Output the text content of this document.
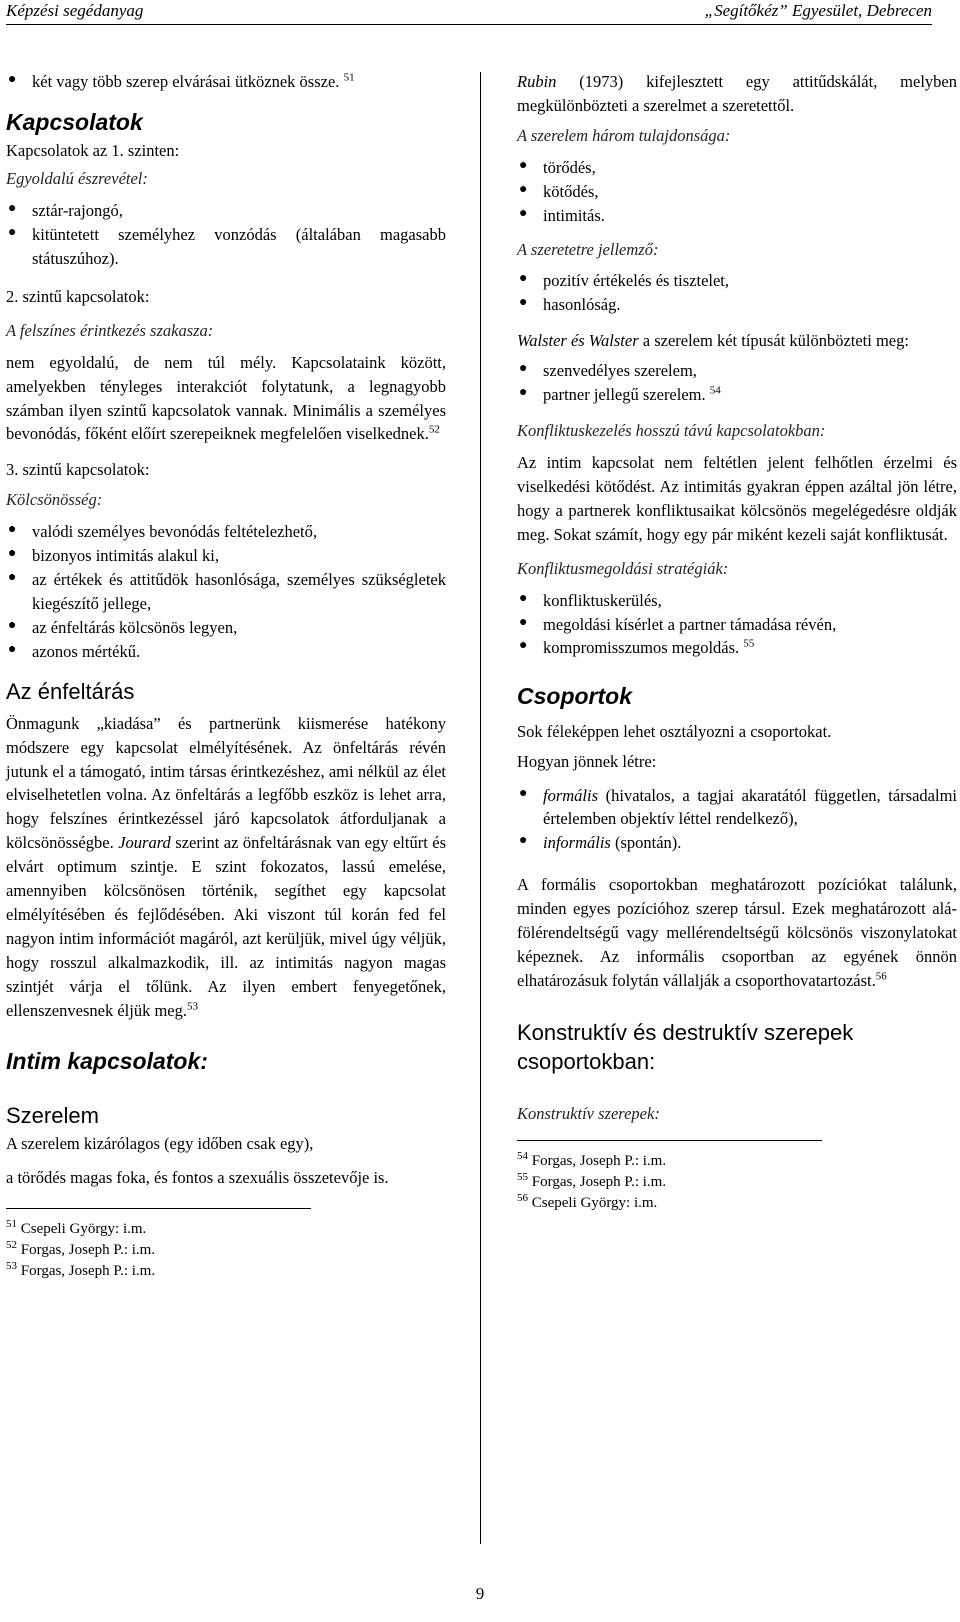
Képzési segédanyag	„Segítőkéz” Egyesület, Debrecen
● két vagy több szerep elvárásai ütköznek össze. $^{51}$
Kapcsolatok

Kapcsolatok az 1. szinten:

Egyoldalú észrevétel:

● sztár-rajongó,
● kitüntetett személyhez vonzódás (általában magasabb státuszúhoz).

2. szintű kapcsolatok:

A felszínes érintkezés szakasza:

nem egyoldalú, de nem túl mély. Kapcsolataink között, amelyekben tényleges interakciót folytatunk, a legnagyobb számban ilyen szintű kapcsolatok vannak. Minimális a személyes bevonódás, főként előírt szerepeiknek megfelelően viselkednek.$^{52}$

3. szintű kapcsolatok:

Kölcsönösség:

● valódi személyes bevonódás feltételezhető,
● bizonyos intimitás alakul ki,
● az értékek és attitűdök hasonlósága, személyes szükségletek kiegészítő jellege,
● az énfeltárás kölcsönös legyen,
● azonos mértékű.
Az énfeltárás

Önmagunk „kiadása” és partnerünk kiismerése hatékony módszere egy kapcsolat elmélyítésének. Az önfeltárás révén jutunk el a támogató, intim társas érintkezéshez, ami nélkül az élet elviselhetetlen volna. Az önfeltárás a legfőbb eszköz is lehet arra, hogy felszínes érintkezéssel járó kapcsolatok átforduljanak a kölcsönösségbe. Jourard szerint az önfeltárásnak van egy eltűrt és elvárt optimum szintje. E szint fokozatos, lassú emelése, amennyiben kölcsönösen történik, segíthet egy kapcsolat elmélyítésében és fejlődésében. Aki viszont túl korán fed fel nagyon intim információt magáról, azt kerüljük, mivel úgy véljük, hogy rosszul alkalmazkodik, ill. az intimitás nagyon magas szintjét várja el tőlünk. Az ilyen embert fenyegetőnek, ellenszenvesnek éljük meg.$^{53}$

Intim kapcsolatok:
Szerelem

A szerelem kizárólagos (egy időben csak egy),

a törődés magas foka, és fontos a szexuális összetevője is.

$^{51}$ Csepeli György: i.m.
$^{52}$ Forgas, Joseph P.: i.m.
$^{53}$ Forgas, Joseph P.: i.m.

Rubin (1973) kifejlesztett egy attitűdskálát, melyben megkülönbözteti a szerelmet a szeretettől.

A szerelem három tulajdonsága:

● törődés,
● kötődés,
● intimitás.

A szeretetre jellemző:

● pozitív értékelés és tisztelet,
● hasonlóság.

Walster és Walster a szerelem két típusát különbözteti meg:

● szenvedélyes szerelem,
● partner jellegű szerelem. $^{54}$

Konfliktuskezelés hosszú távú kapcsolatokban:

Az intim kapcsolat nem feltétlen jelent felhőtlen érzelmi és viselkedési kötődést. Az intimitás gyakran éppen azáltal jön létre, hogy a partnerek konfliktusaikat kölcsönös megelégedésre oldják meg. Sokat számít, hogy egy pár miként kezeli saját konfliktusát.

Konfliktusmegoldási stratégiák:

● konfliktuskerülés,
● megoldási kísérlet a partner támadása révén,
● kompromisszumos megoldás. $^{55}$
Csoportok

Sok féleképpen lehet osztályozni a csoportokat.

Hogyan jönnek létre:

● formális (hivatalos, a tagjai akaratától független, társadalmi értelemben objektív léttel rendelkező),
● informális (spontán).

A formális csoportokban meghatározott pozíciókat találunk, minden egyes pozícióhoz szerep társul. Ezek meghatározott alá-fölérendeltségű vagy mellérendeltségű kölcsönös viszonylatokat képeznek. Az informális csoportban az egyének önnön elhatározásuk folytán vállalják a csoporthovatartozást.$^{56}$

Konstruktív és destruktív szerepek csoportokban:

Konstruktív szerepek:

$^{54}$ Forgas, Joseph P.: i.m.
$^{55}$ Forgas, Joseph P.: i.m.
$^{56}$ Csepeli György: i.m.
9
